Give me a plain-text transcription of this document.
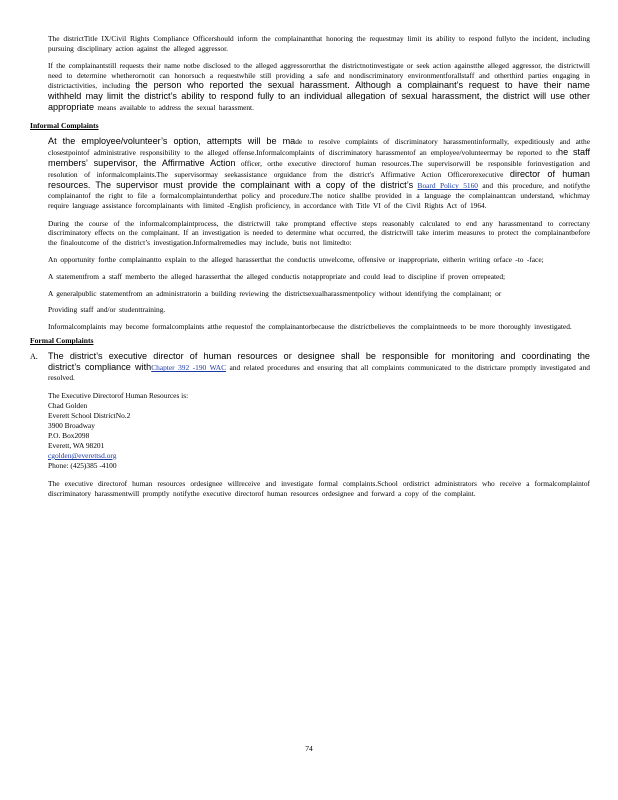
The districtTitle IX/Civil Rights Compliance Officershould inform the complainantthat honoring the requestmay limit its ability to respond fullyto the incident, including pursuing disciplinary action against the alleged aggressor.

If the complainantstill requests their name notbe disclosed to the alleged aggressororthat the districtnotinvestigate or seek action againstthe alleged aggressor, the districtwill need to determine whetherornotit can honorsuch a requestwhile still providing a safe and nondiscriminatory environmentforallstaff and otherthird parties engaging in districtactivities, including the person who reported the sexual harassment. Although a complainant’s request to have their name withheld may limit the district’s ability to respond fully to an individual allegation of sexual harassment, the district will use other appropriate means available to address the sexual harassment.

Informal Complaints

At the employee/volunteer’s option, attempts will be made to resolve complaints of discriminatory harassmentinformally, expeditiously and atthe closestpointof administrative responsibility to the alleged offense.Informalcomplaints of discriminatory harassmentof an employee/volunteermay be reported to the staff members’ supervisor, the Affirmative Action officer, orthe executive directorof human resources.The supervisorwill be responsible forinvestigation and resolution of informalcomplaints.The supervisormay seekassistance orguidance from the district's Affirmative Action Officerorexecutive director of human resources. The supervisor must provide the complainant with a copy of the district’s Board Policy 5160 and this procedure, and notifythe complainantof the right to file a formalcomplaintunderthat policy and procedure.The notice shallbe provided in a language the complainantcan understand, whichmay require language assistance forcomplainants with limited -English proficiency, in accordance with Title VI of the Civil Rights Act of 1964.

During the course of the informalcomplaintprocess, the districtwill take promptand effective steps reasonably calculated to end any harassmentand to correctany discriminatory effects on the complainant. If an investigation is needed to determine what occurred, the districtwill take interim measures to protect the complainantbefore the finaloutcome of the district’s investigation.Informalremedies may include, butis not limitedto:

An opportunity forthe complainantto explain to the alleged harasserthat the conductis unwelcome, offensive or inappropriate, eitherin writing orface -to -face;

A statementfrom a staff memberto the alleged harasserthat the alleged conductis notappropriate and could lead to discipline if proven orrepeated;

A generalpublic statementfrom an administratorin a building reviewing the districtsexualharassmentpolicy without identifying the complainant; or

Providing staff and/or studenttraining.

Informalcomplaints may become formalcomplaints atthe requestof the complainantorbecause the districtbelieves the complaintneeds to be more thoroughly investigated.

Formal Complaints

A.	The district’s executive director of human resources or designee shall be responsible for monitoring and coordinating the district’s compliance withChapter 392 -190 WAC and related procedures and ensuring that all complaints communicated to the districtare promptly investigated and resolved.

The Executive Directorof Human Resources is:

Chad Golden

Everett School DistrictNo.2

3900 Broadway

P.O. Box2098

Everett, WA 98201

cgolden@everettsd.org

Phone: (425)385 -4100

The executive directorof human resources ordesignee willreceive and investigate formal complaints.School ordistrict administrators who receive a formalcomplaintof discriminatory harassmentwill promptly notifythe executive directorof human resources ordesignee and forward a copy of the complaint.

74
